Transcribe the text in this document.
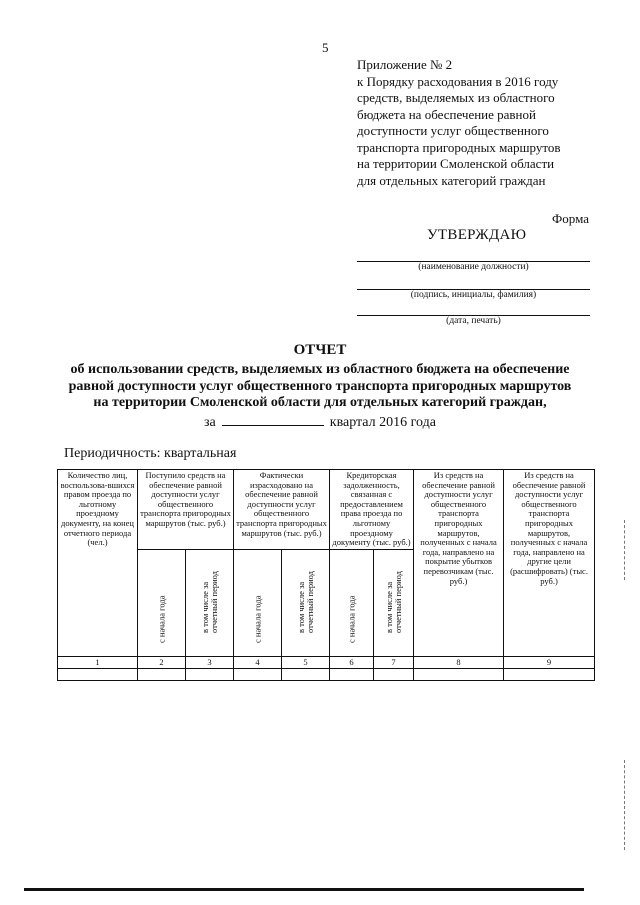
5
Приложение № 2
к Порядку расходования в 2016 году
средств, выделяемых из областного
бюджета на обеспечение равной
доступности услуг общественного
транспорта пригородных маршрутов
на территории Смоленской области
для отдельных категорий граждан
Форма
УТВЕРЖДАЮ
(наименование должности)
(подпись, инициалы, фамилия)
(дата, печать)
ОТЧЕТ
об использовании средств, выделяемых из областного бюджета на обеспечение
равной доступности услуг общественного транспорта пригородных маршрутов
на территории Смоленской области для отдельных категорий граждан,
за	квартал 2016 года
Периодичность: квартальная
Количество лиц, воспользова-вшихся правом проезда по льготному проездному документу, на конец отчетного периода (чел.)	Поступило средств на обеспечение равной доступности услуг общественного транспорта пригородных маршрутов (тыс. руб.)		Фактически израсходовано на обеспечение равной доступности услуг общественного транспорта пригородных маршрутов (тыс. руб.)		Кредиторская задолженность, связанная с предоставлением права проезда по льготному проездному документу (тыс. руб.)		Из средств на обеспечение равной доступности услуг общественного транспорта пригородных маршрутов, полученных с начала года, направлено на покрытие убытков перевозчикам (тыс. руб.)	Из средств на обеспечение равной доступности услуг общественного транспорта пригородных маршрутов, полученных с начала года, направлено на другие цели (расшифровать) (тыс. руб.)

	с начала года	в том числе за отчетный период	с начала года	в том числе за отчетный период	с начала года	в том числе за отчетный период		

1	2	3	4	5	6	7	8	9
